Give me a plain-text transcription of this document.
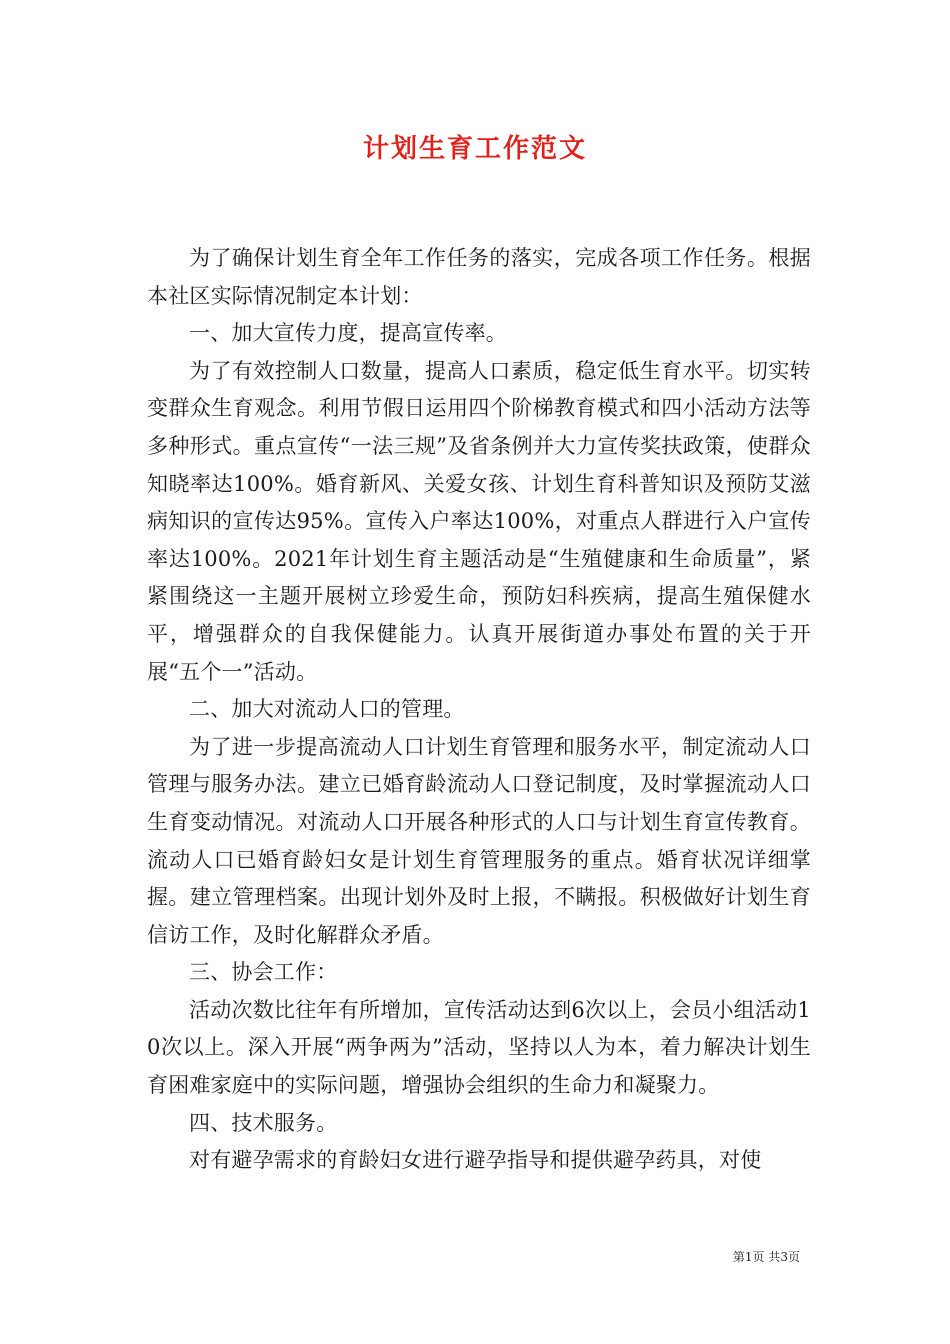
计划生育工作范文

为了确保计划生育全年工作任务的落实，完成各项工作任务。根据本社区实际情况制定本计划：

一、加大宣传力度，提高宣传率。

为了有效控制人口数量，提高人口素质，稳定低生育水平。切实转变群众生育观念。利用节假日运用四个阶梯教育模式和四小活动方法等多种形式。重点宣传“一法三规”及省条例并大力宣传奖扶政策，使群众知晓率达100%。婚育新风、关爱女孩、计划生育科普知识及预防艾滋病知识的宣传达95%。宣传入户率达100%，对重点人群进行入户宣传率达100%。2021年计划生育主题活动是“生殖健康和生命质量”，紧紧围绕这一主题开展树立珍爱生命，预防妇科疾病，提高生殖保健水平，增强群众的自我保健能力。认真开展街道办事处布置的关于开展“五个一”活动。

二、加大对流动人口的管理。

为了进一步提高流动人口计划生育管理和服务水平，制定流动人口管理与服务办法。建立已婚育龄流动人口登记制度，及时掌握流动人口生育变动情况。对流动人口开展各种形式的人口与计划生育宣传教育。流动人口已婚育龄妇女是计划生育管理服务的重点。婚育状况详细掌握。建立管理档案。出现计划外及时上报，不瞒报。积极做好计划生育信访工作，及时化解群众矛盾。

三、协会工作：

活动次数比往年有所增加，宣传活动达到6次以上，会员小组活动10次以上。深入开展“两争两为”活动，坚持以人为本，着力解决计划生育困难家庭中的实际问题，增强协会组织的生命力和凝聚力。

四、技术服务。

对有避孕需求的育龄妇女进行避孕指导和提供避孕药具，对使

第1页 共3页
